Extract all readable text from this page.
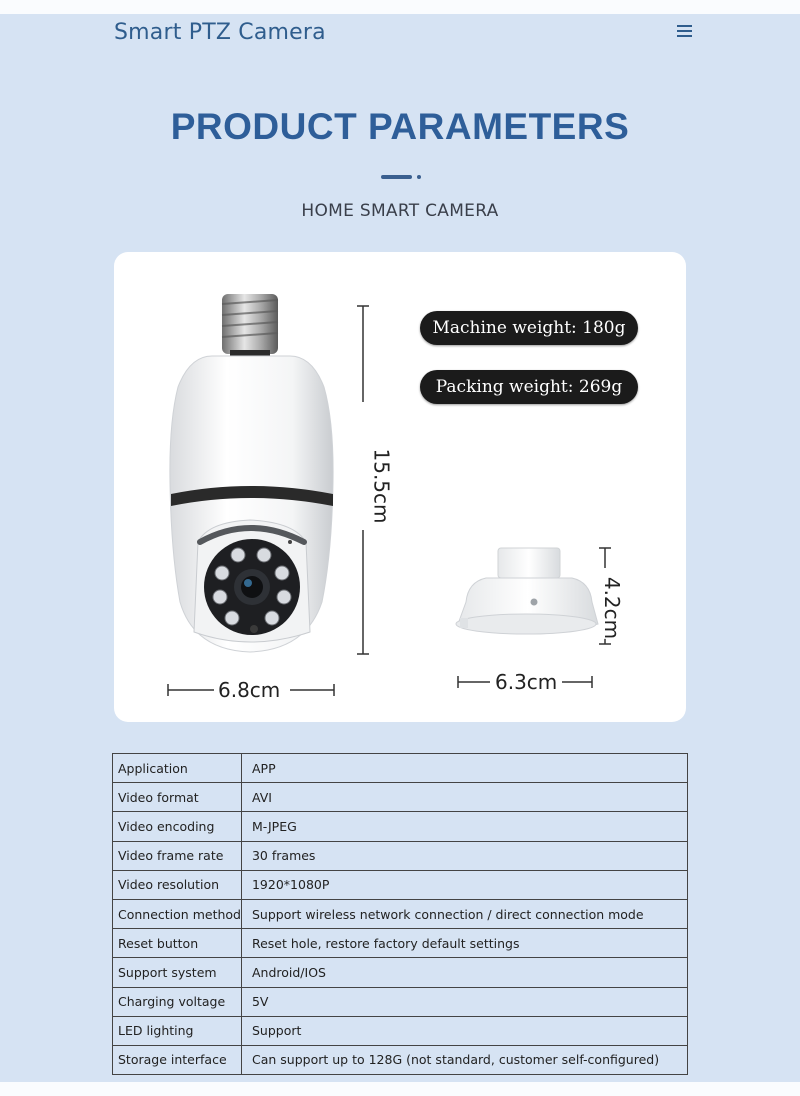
Smart PTZ Camera
PRODUCT PARAMETERS
HOME SMART CAMERA
Machine weight: 180g
Packing weight: 269g
15.5cm
6.8cm	6.3cm
4.2cm
Application	APP
Video format	AVI
Video encoding	M-JPEG
Video frame rate	30 frames
Video resolution	1920*1080P
Connection method	Support wireless network connection / direct connection mode
Reset button	Reset hole, restore factory default settings
Support system	Android/IOS
Charging voltage	5V
LED lighting	Support
Storage interface	Can support up to 128G (not standard, customer self-configured)
